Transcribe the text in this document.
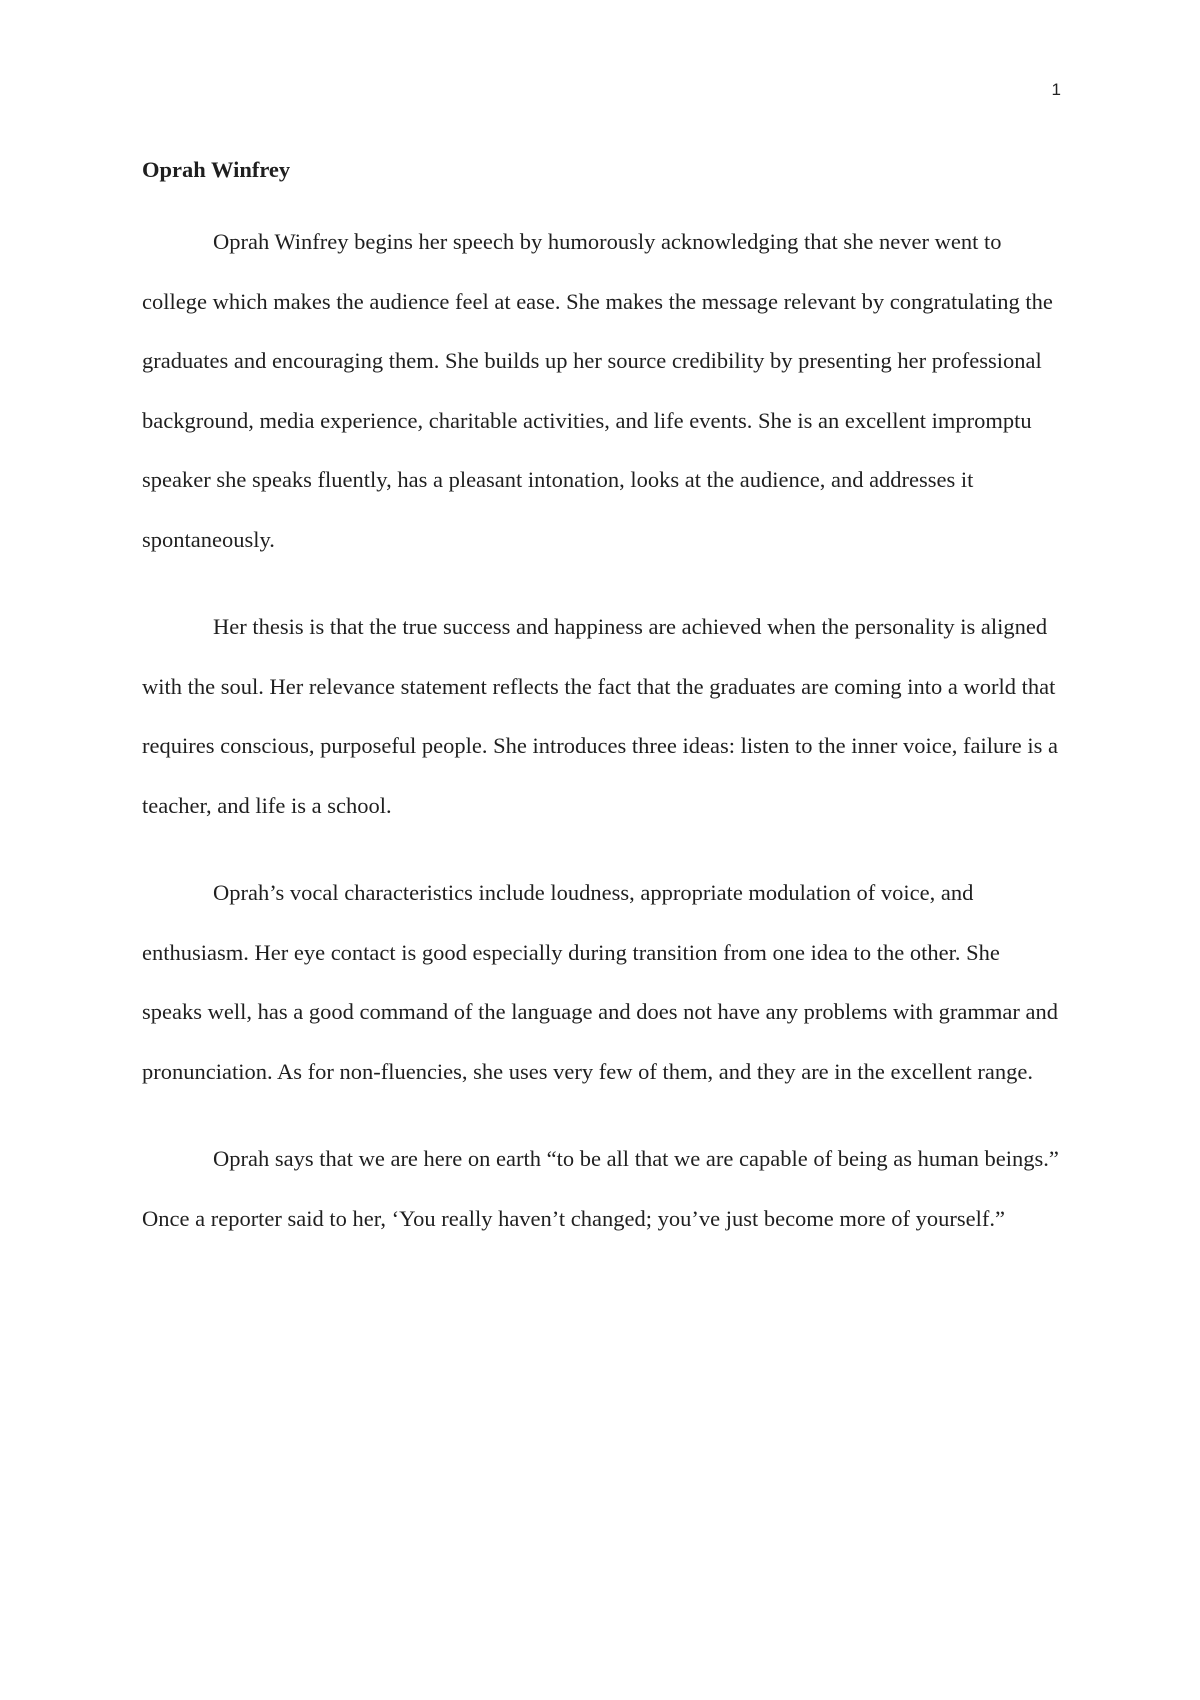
1
Oprah Winfrey

Oprah Winfrey begins her speech by humorously acknowledging that she never went to college which makes the audience feel at ease. She makes the message relevant by congratulating the graduates and encouraging them. She builds up her source credibility by presenting her professional background, media experience, charitable activities, and life events. She is an excellent impromptu speaker she speaks fluently, has a pleasant intonation, looks at the audience, and addresses it spontaneously.

Her thesis is that the true success and happiness are achieved when the personality is aligned with the soul. Her relevance statement reflects the fact that the graduates are coming into a world that requires conscious, purposeful people. She introduces three ideas: listen to the inner voice, failure is a teacher, and life is a school.

Oprah’s vocal characteristics include loudness, appropriate modulation of voice, and enthusiasm. Her eye contact is good especially during transition from one idea to the other. She speaks well, has a good command of the language and does not have any problems with grammar and pronunciation. As for non-fluencies, she uses very few of them, and they are in the excellent range.

Oprah says that we are here on earth “to be all that we are capable of being as human beings.” Once a reporter said to her, ‘You really haven’t changed; you’ve just become more of yourself.”
